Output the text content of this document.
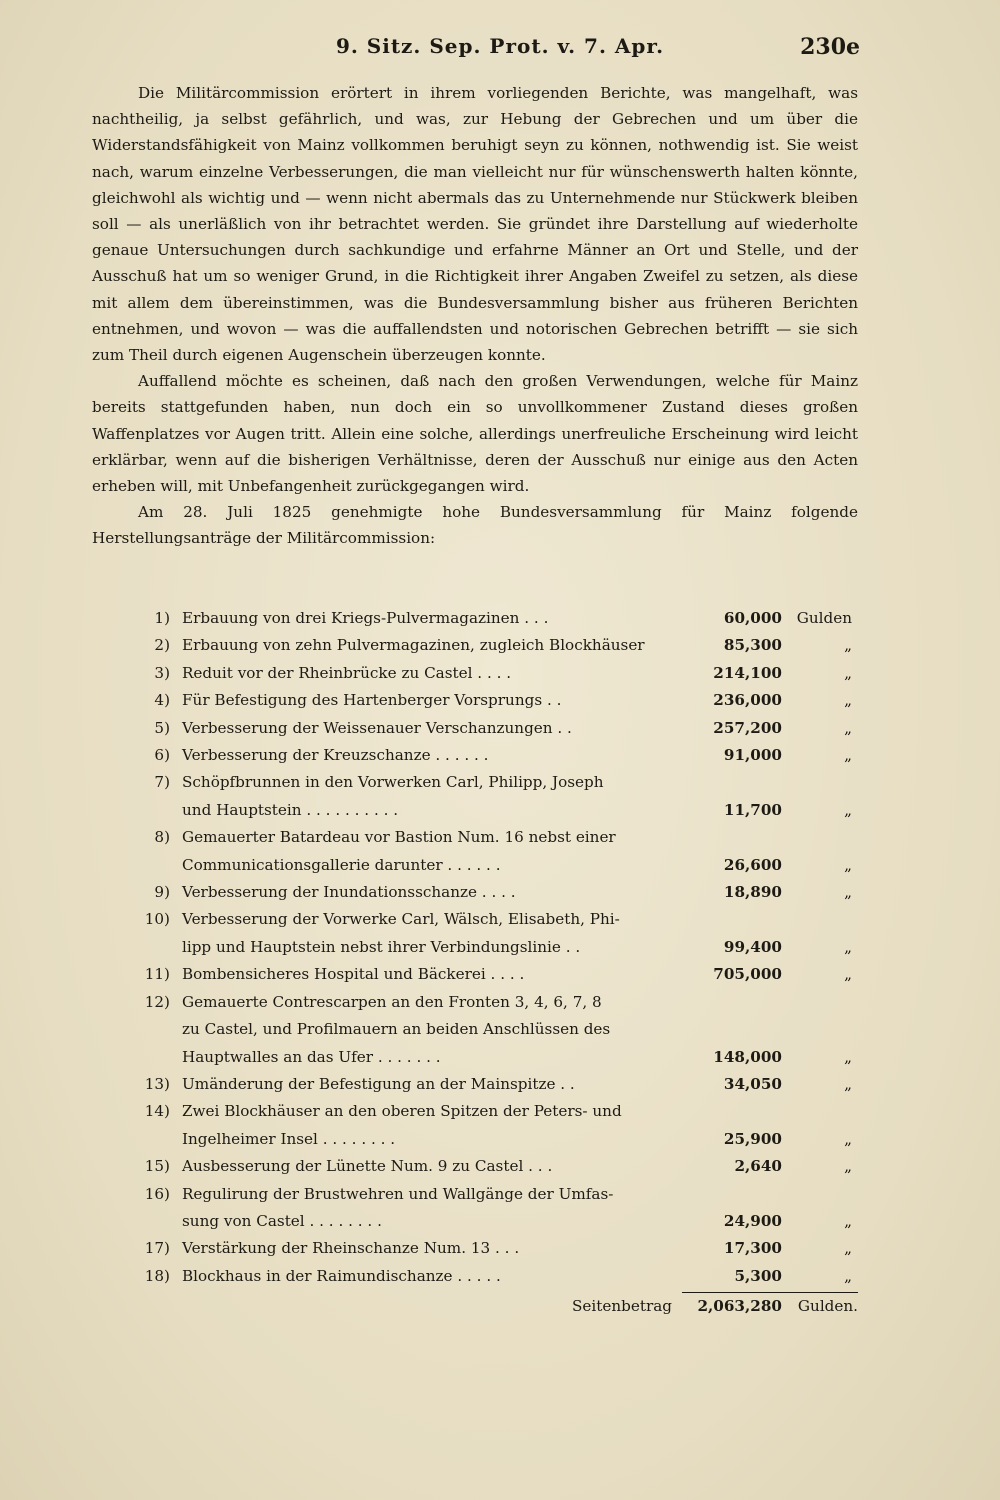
9. Sitz. Sep. Prot. v. 7. Apr.	230e

Die Militärcommission erörtert in ihrem vorliegenden Berichte, was mangelhaft, was nachtheilig, ja selbst gefährlich, und was, zur Hebung der Gebrechen und um über die Widerstandsfähigkeit von Mainz vollkommen beruhigt seyn zu können, nothwendig ist. Sie weist nach, warum einzelne Verbesserungen, die man vielleicht nur für wünschenswerth halten könnte, gleichwohl als wichtig und — wenn nicht abermals das zu Unternehmende nur Stückwerk bleiben soll — als unerläßlich von ihr betrachtet werden. Sie gründet ihre Darstellung auf wiederholte genaue Untersuchungen durch sachkundige und erfahrne Männer an Ort und Stelle, und der Ausschuß hat um so weniger Grund, in die Richtigkeit ihrer Angaben Zweifel zu setzen, als diese mit allem dem übereinstimmen, was die Bundesversammlung bisher aus früheren Berichten entnehmen, und wovon — was die auffallendsten und notorischen Gebrechen betrifft — sie sich zum Theil durch eigenen Augenschein überzeugen konnte.

Auffallend möchte es scheinen, daß nach den großen Verwendungen, welche für Mainz bereits stattgefunden haben, nun doch ein so unvollkommener Zustand dieses großen Waffenplatzes vor Augen tritt. Allein eine solche, allerdings unerfreuliche Erscheinung wird leicht erklärbar, wenn auf die bisherigen Verhältnisse, deren der Ausschuß nur einige aus den Acten erheben will, mit Unbefangenheit zurückgegangen wird.

Am 28. Juli 1825 genehmigte hohe Bundesversammlung für Mainz folgende Herstellungsanträge der Militärcommission:

1) Erbauung von drei Kriegs-Pulvermagazinen . . .	60,000 Gulden
2) Erbauung von zehn Pulvermagazinen, zugleich Blockhäuser	85,300	„
3) Reduit vor der Rheinbrücke zu Castel . . . .	214,100	„
4) Für Befestigung des Hartenberger Vorsprungs . .	236,000	„
5) Verbesserung der Weissenauer Verschanzungen . .	257,200	„
6) Verbesserung der Kreuzschanze . . . . . .	91,000	„
7) Schöpfbrunnen in den Vorwerken Carl, Philipp, Joseph
und Hauptstein . . . . . . . . . .	11,700	„
8) Gemauerter Batardeau vor Bastion Num. 16 nebst einer
Communicationsgallerie darunter . . . . . .	26,600	„
9) Verbesserung der Inundationsschanze . . . .	18,890	„
10) Verbesserung der Vorwerke Carl, Wälsch, Elisabeth, Phi-
lipp und Hauptstein nebst ihrer Verbindungslinie . .	99,400	„
11) Bombensicheres Hospital und Bäckerei . . . .	705,000	„
12) Gemauerte Contrescarpen an den Fronten 3, 4, 6, 7, 8
zu Castel, und Profilmauern an beiden Anschlüssen des
Hauptwalles an das Ufer . . . . . . .	148,000	„
13) Umänderung der Befestigung an der Mainspitze . .	34,050	„
14) Zwei Blockhäuser an den oberen Spitzen der Peters- und
Ingelheimer Insel . . . . . . . .	25,900	„
15) Ausbesserung der Lünette Num. 9 zu Castel . . .	2,640	„
16) Regulirung der Brustwehren und Wallgänge der Umfas-
sung von Castel . . . . . . . .	24,900	„
17) Verstärkung der Rheinschanze Num. 13 . . .	17,300	„
18) Blockhaus in der Raimundischanze . . . . .	5,300	„
Seitenbetrag	2,063,280	Gulden.
